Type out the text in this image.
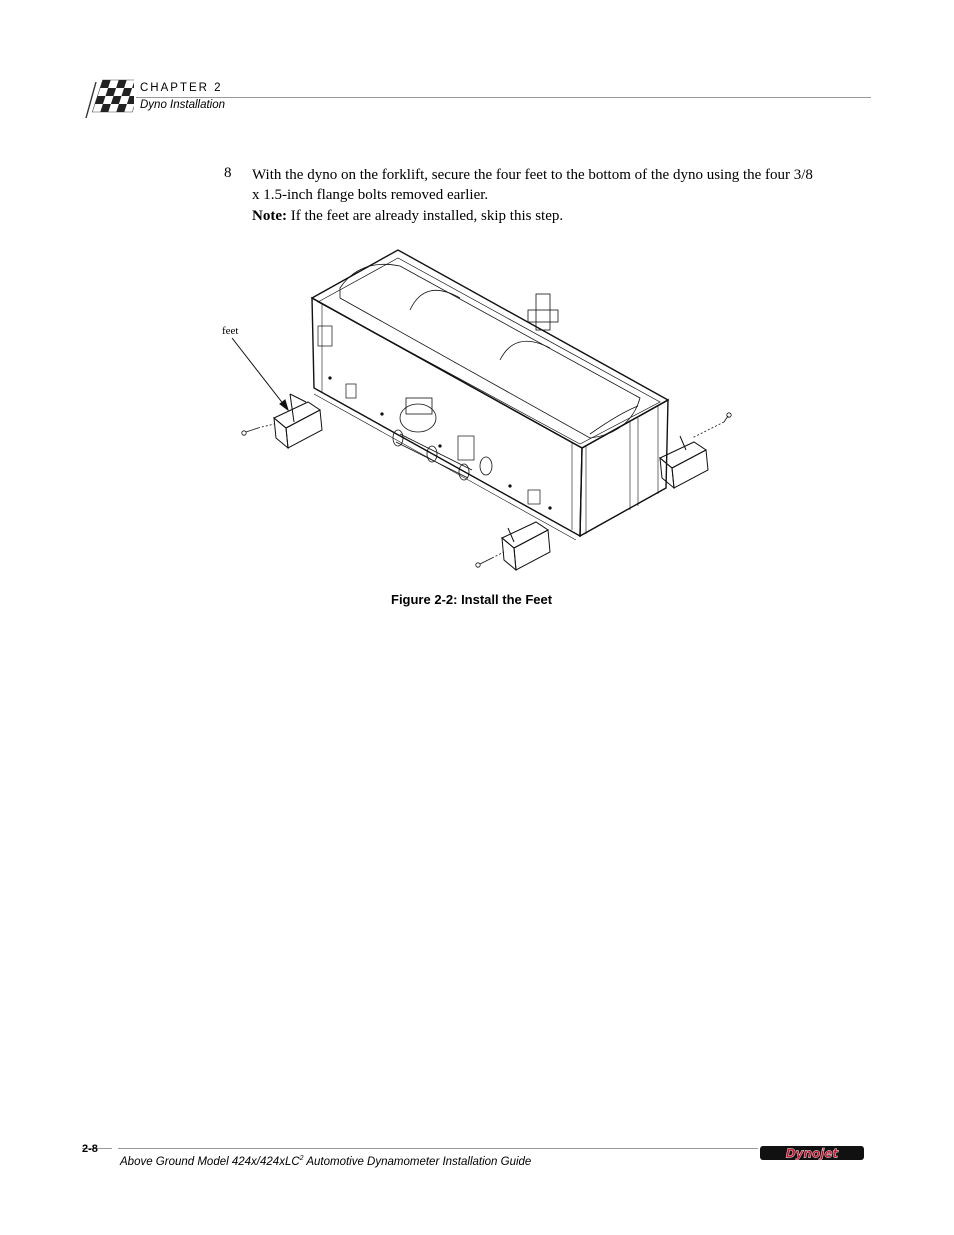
CHAPTER 2
Dyno Installation
8 With the dyno on the forklift, secure the four feet to the bottom of the dyno using the four 3/8 x 1.5-inch flange bolts removed earlier.
Note: If the feet are already installed, skip this step.
feet
Figure 2-2: Install the Feet
2-8
Above Ground Model 424x/424xLC$^2$ Automotive Dynamometer Installation Guide
Dynojet
